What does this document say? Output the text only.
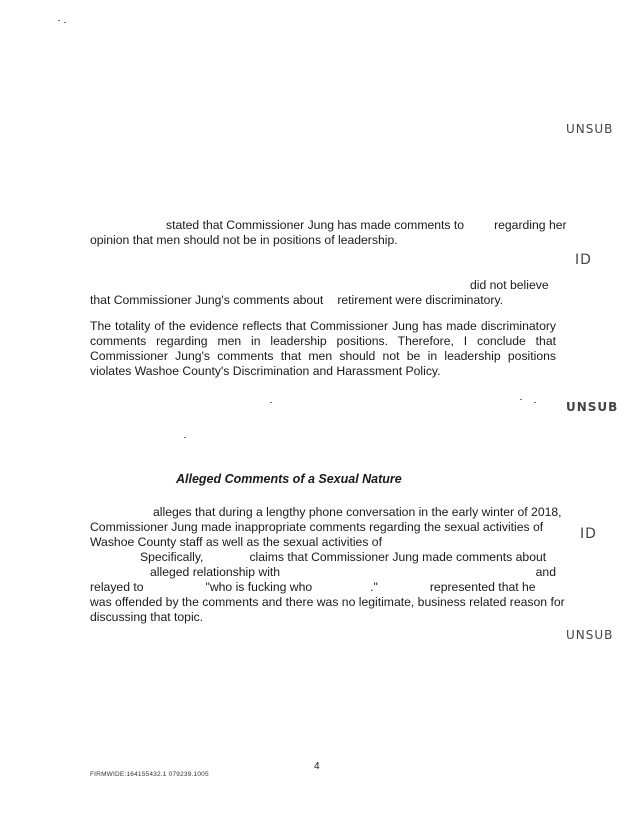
UNSUB
ID
UNSUB
ID
UNSUB

stated that Commissioner Jung has made comments to regarding her
opinion that men should not be in positions of leadership.

did not believe
that Commissioner Jung's comments about retirement were discriminatory.

The totality of the evidence reflects that Commissioner Jung has made discriminatory comments regarding men in leadership positions. Therefore, I conclude that Commissioner Jung's comments that men should not be in leadership positions violates Washoe County's Discrimination and Harassment Policy.

Alleged Comments of a Sexual Nature
alleges that during a lengthy phone conversation in the early winter of 2018,
Commissioner Jung made inappropriate comments regarding the sexual activities of
Washoe County staff as well as the sexual activities of
Specifically,	claims that Commissioner Jung made comments about
alleged relationship with	and
relayed to	"who is fucking who	."	represented that he
was offended by the comments and there was no legitimate, business related reason for
discussing that topic.
4
FIRMWIDE:164155432.1 079239.1005
